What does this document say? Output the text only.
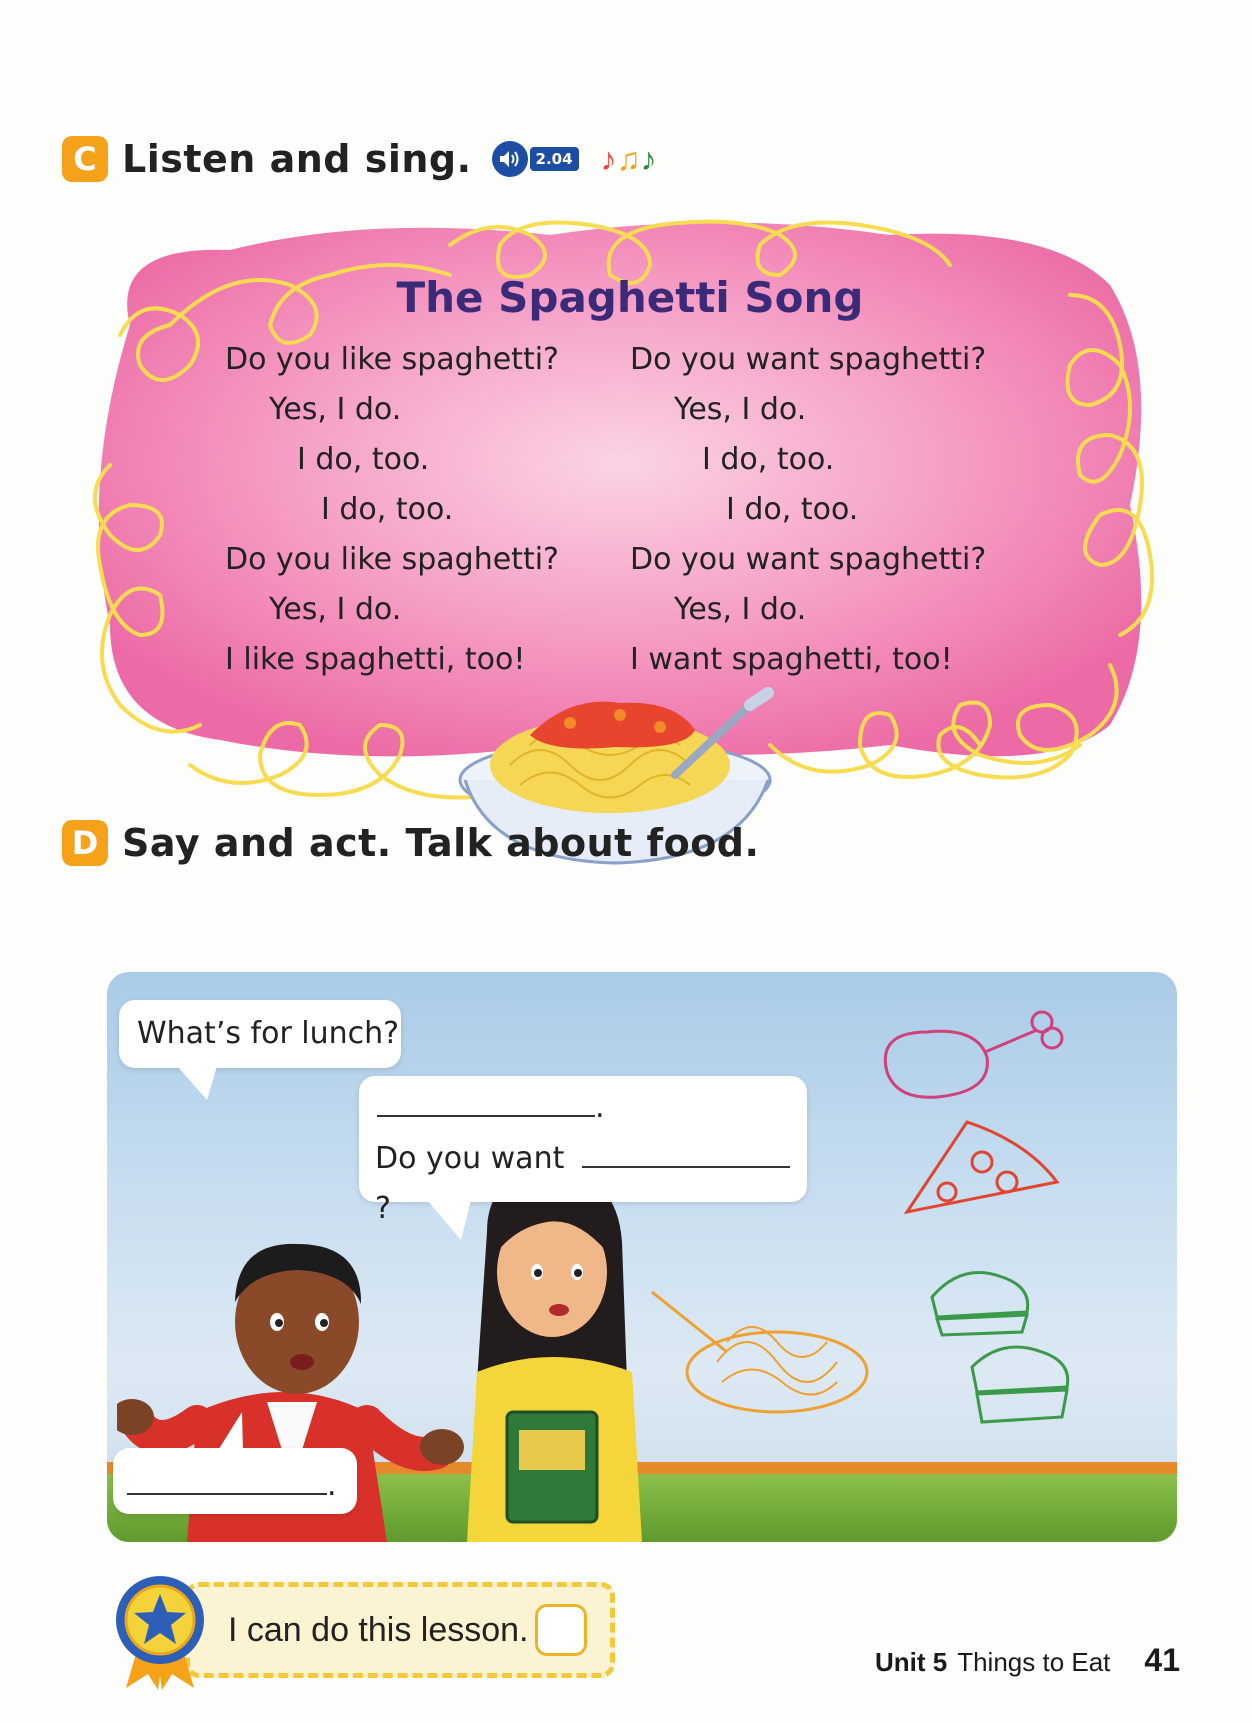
C Listen and sing.	2.04 ♪♫♪
The Spaghetti Song
Do you like spaghetti?
Yes, I do.
I do, too.
I do, too.
Do you like spaghetti?
Yes, I do.
I like spaghetti, too!
Do you want spaghetti?
Yes, I do.
I do, too.
I do, too.
Do you want spaghetti?
Yes, I do.
I want spaghetti, too!
D Say and act. Talk about food.
What’s for lunch?
.
Do you want ?
.
I can do this lesson.
Unit 5 Things to Eat 41
